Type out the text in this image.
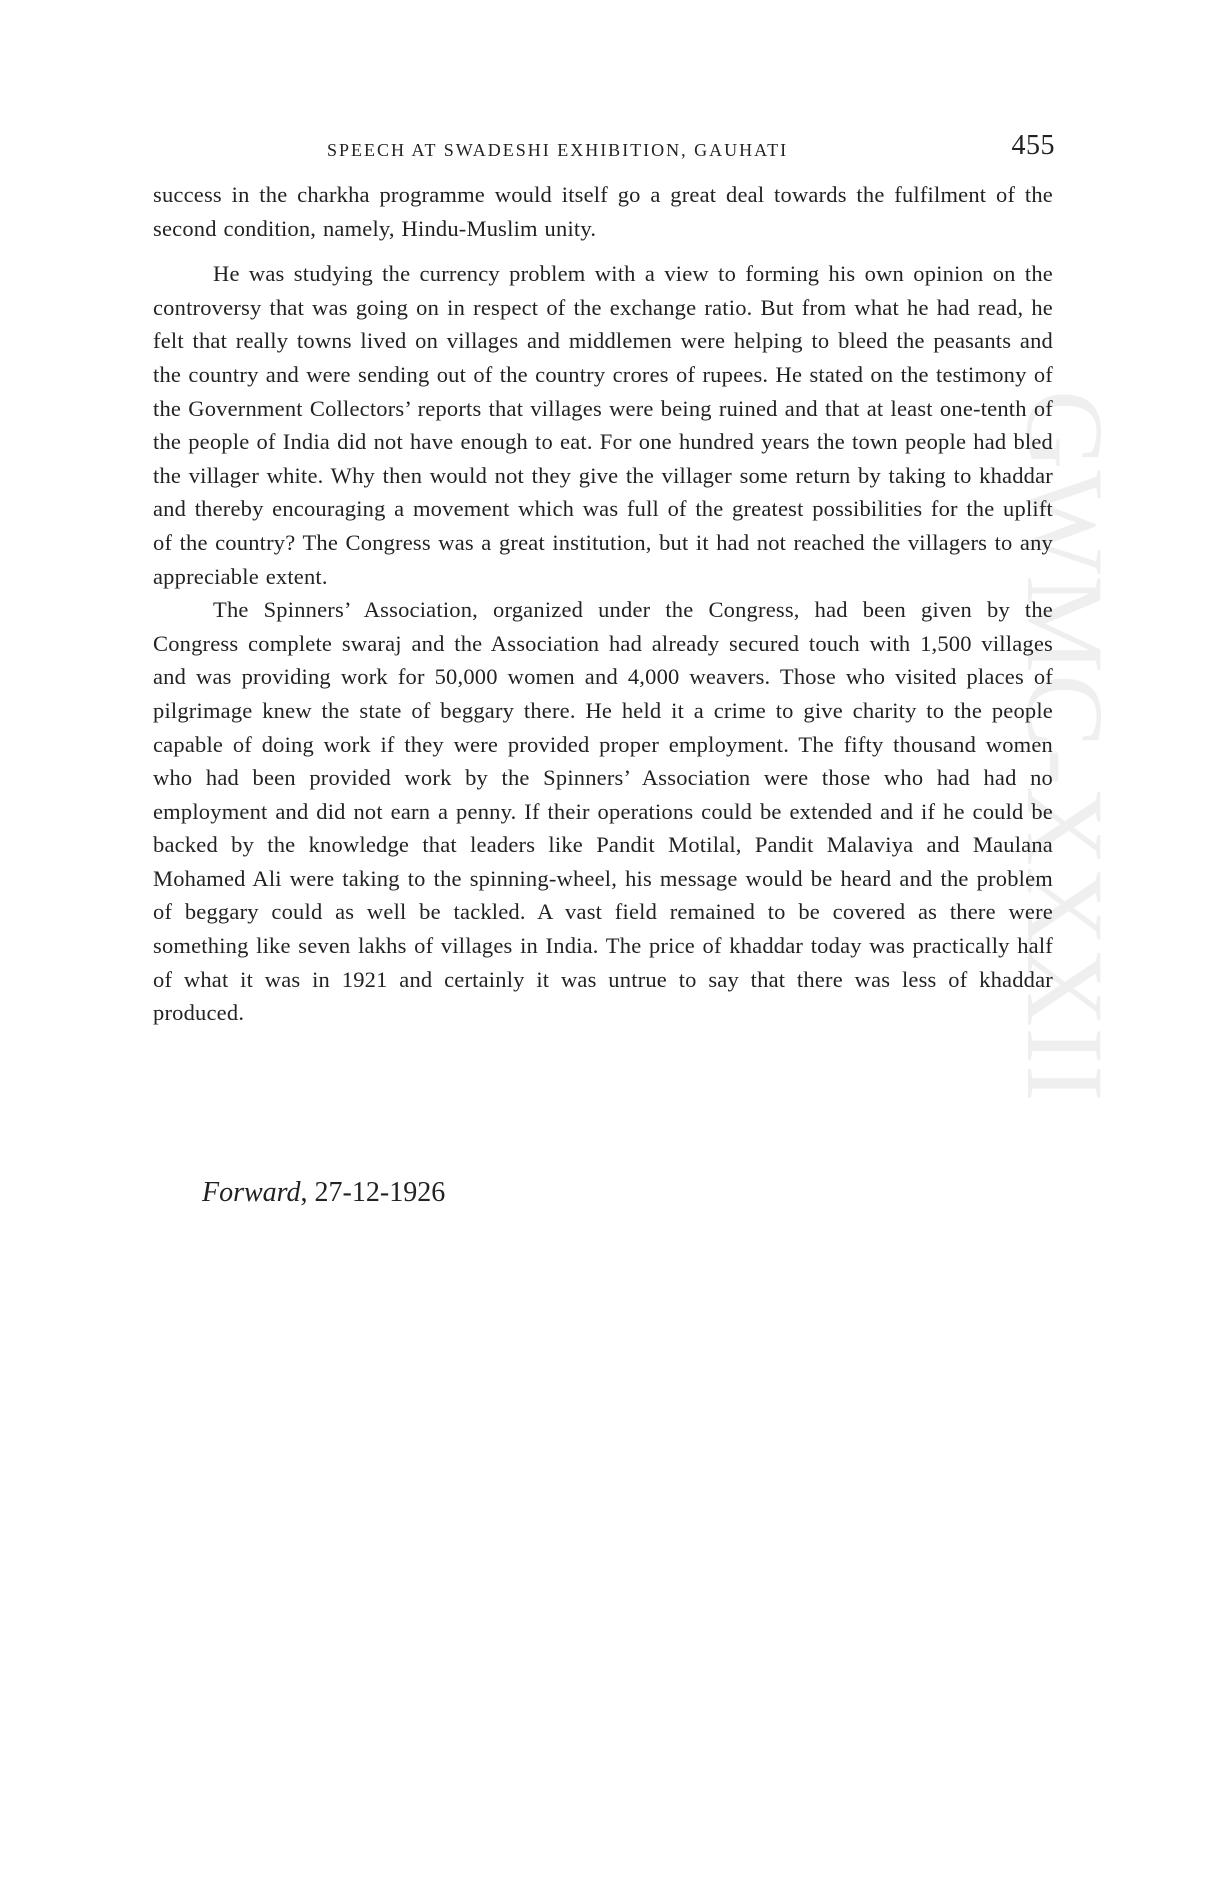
GWMC-XXXII
SPEECH AT SWADESHI EXHIBITION, GAUHATI	455

success in the charkha programme would itself go a great deal towards the fulfilment of the second condition, namely, Hindu-Muslim unity.

He was studying the currency problem with a view to forming his own opinion on the controversy that was going on in respect of the exchange ratio. But from what he had read, he felt that really towns lived on villages and middlemen were helping to bleed the peasants and the country and were sending out of the country crores of rupees. He stated on the testimony of the Government Collectors’ reports that villages were being ruined and that at least one-tenth of the people of India did not have enough to eat. For one hundred years the town people had bled the villager white. Why then would not they give the villager some return by taking to khaddar and thereby encouraging a movement which was full of the greatest possibilities for the uplift of the country? The Congress was a great institution, but it had not reached the villagers to any appreciable extent.

The Spinners’ Association, organized under the Congress, had been given by the Congress complete swaraj and the Association had already secured touch with 1,500 villages and was providing work for 50,000 women and 4,000 weavers. Those who visited places of pilgrimage knew the state of beggary there. He held it a crime to give charity to the people capable of doing work if they were provided proper employment. The fifty thousand women who had been provided work by the Spinners’ Association were those who had had no employment and did not earn a penny. If their operations could be extended and if he could be backed by the knowledge that leaders like Pandit Motilal, Pandit Malaviya and Maulana Mohamed Ali were taking to the spinning-wheel, his message would be heard and the problem of beggary could as well be tackled. A vast field remained to be covered as there were something like seven lakhs of villages in India. The price of khaddar today was practically half of what it was in 1921 and certainly it was untrue to say that there was less of khaddar produced.

Forward, 27-12-1926
